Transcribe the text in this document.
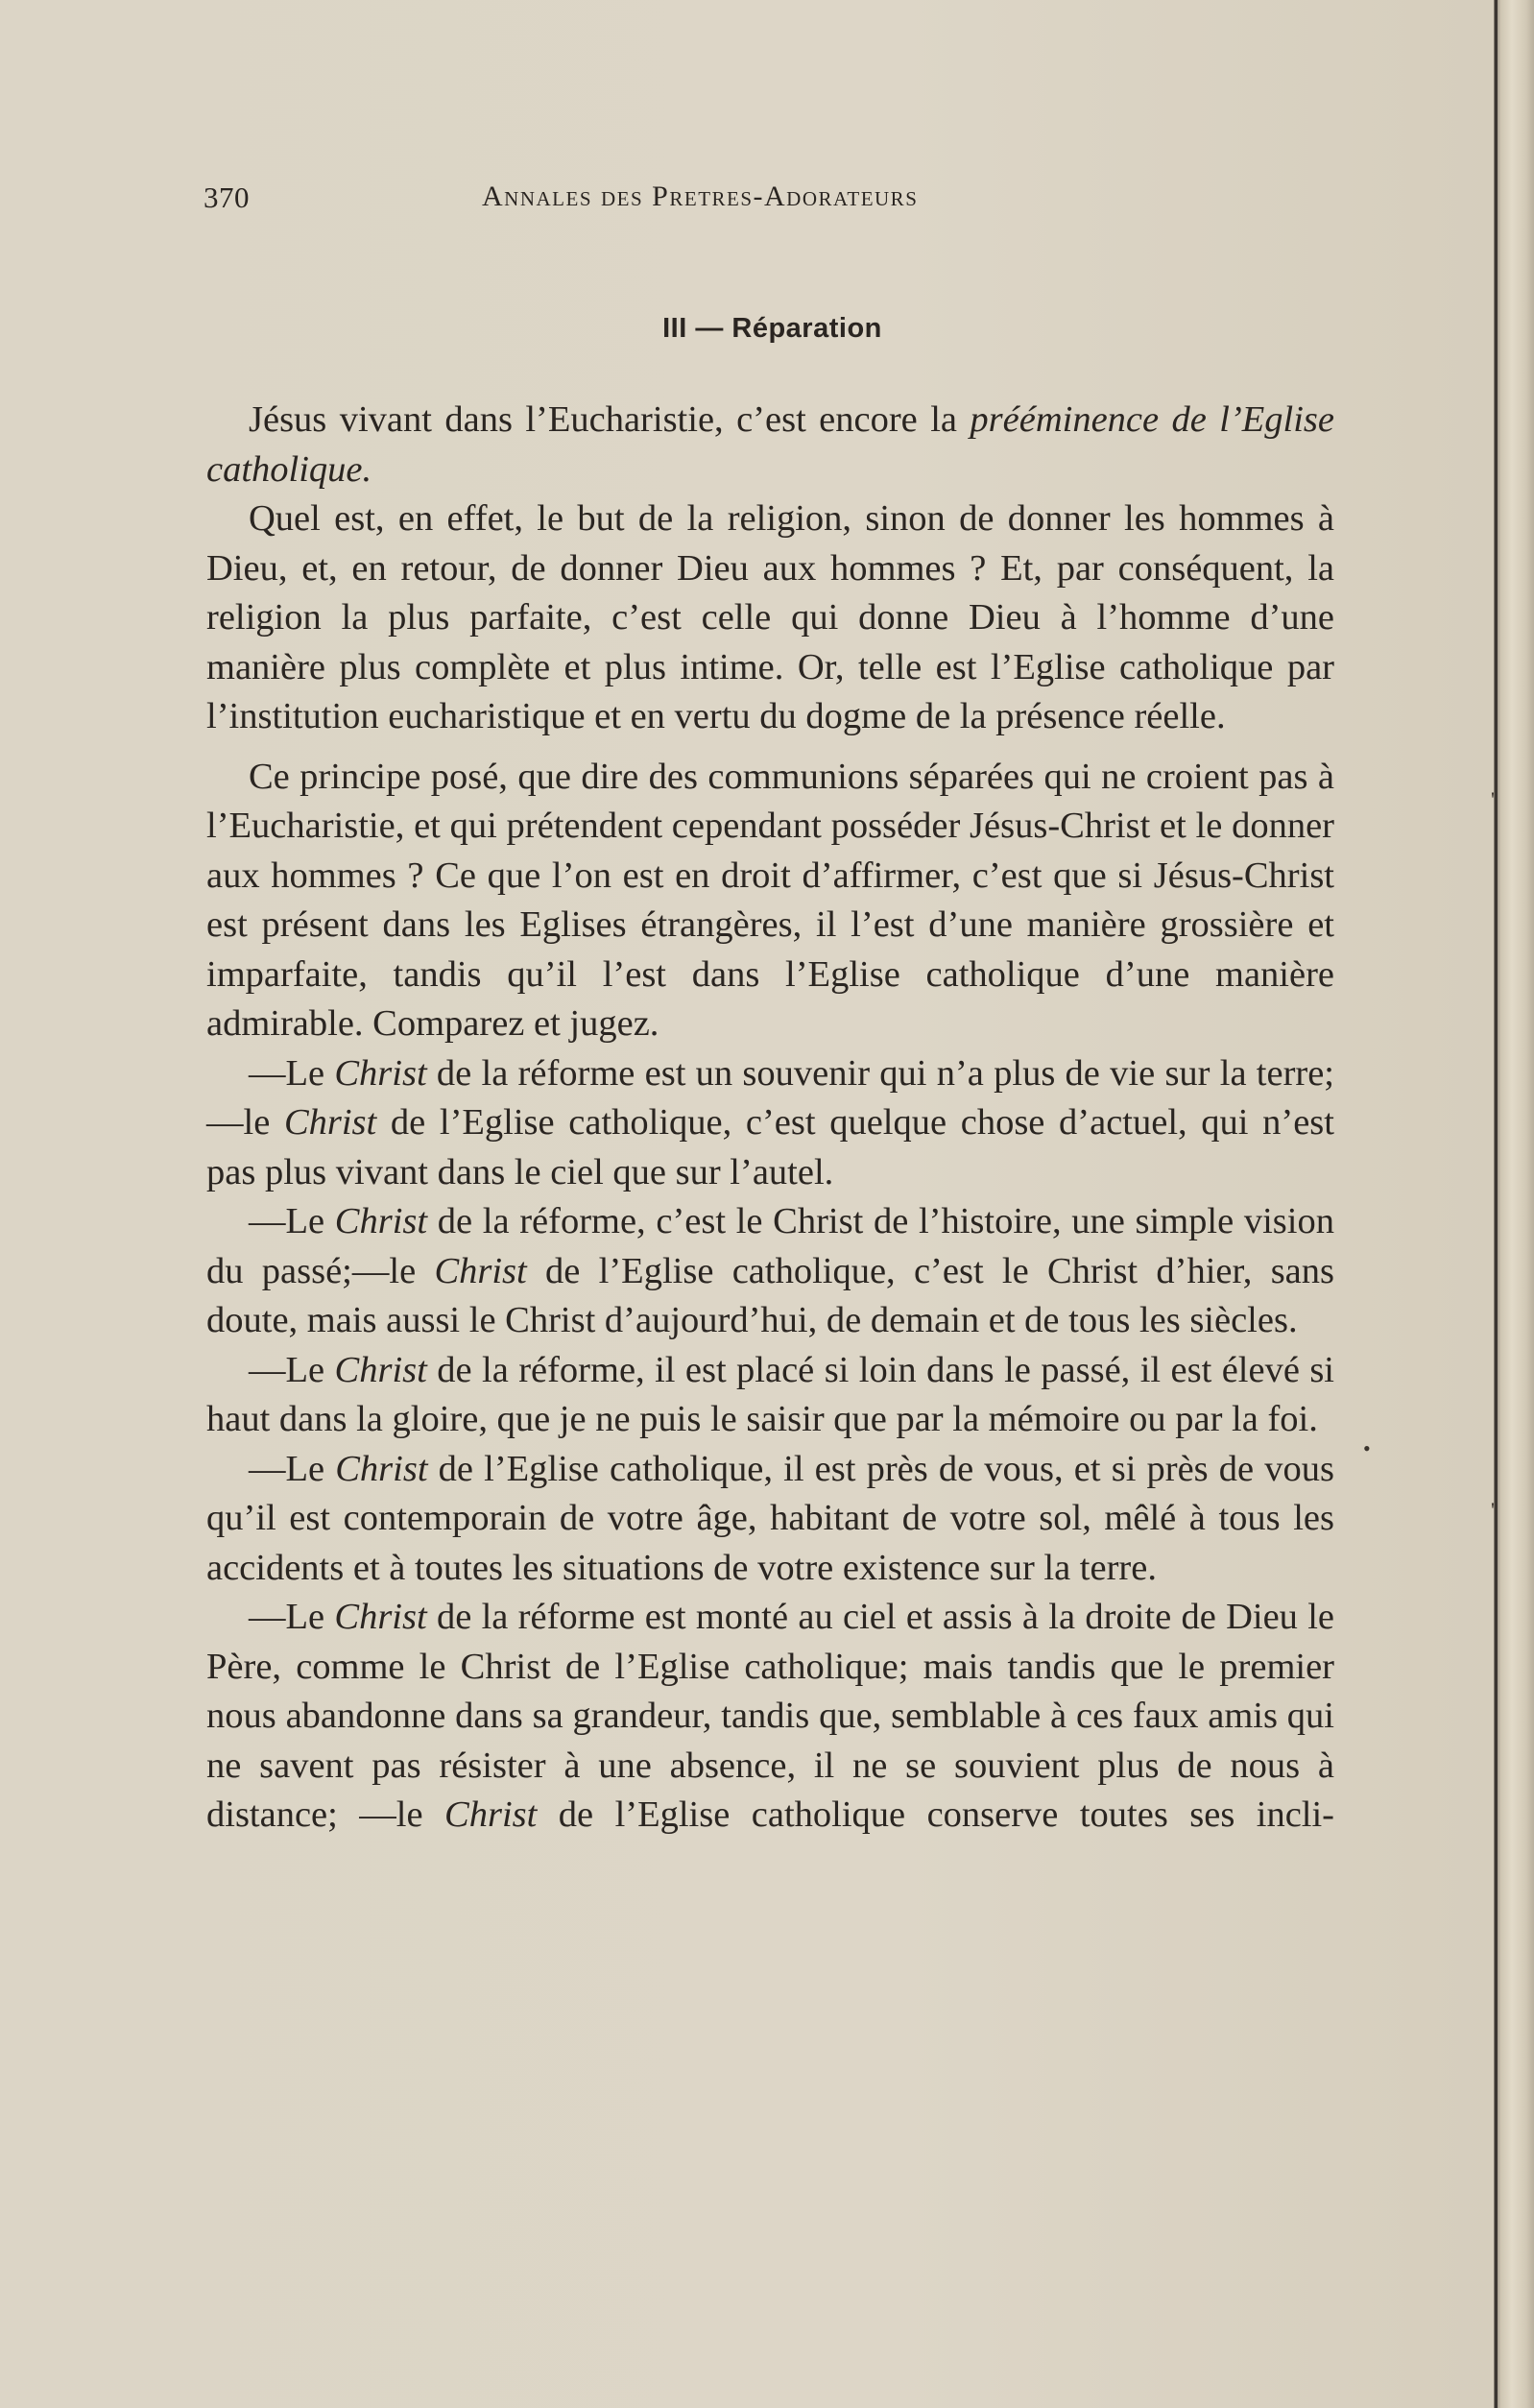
•
'
'
370	Annales des Pretres-Adorateurs
III — Réparation

Jésus vivant dans l’Eucharistie, c’est encore la prééminence de l’Eglise catholique.

Quel est, en effet, le but de la religion, sinon de donner les hommes à Dieu, et, en retour, de donner Dieu aux hommes ? Et, par conséquent, la religion la plus parfaite, c’est celle qui donne Dieu à l’homme d’une manière plus complète et plus intime. Or, telle est l’Eglise catholique par l’institution eucharistique et en vertu du dogme de la présence réelle.

Ce principe posé, que dire des communions séparées qui ne croient pas à l’Eucharistie, et qui prétendent cependant posséder Jésus-Christ et le donner aux hommes ? Ce que l’on est en droit d’affirmer, c’est que si Jésus-Christ est présent dans les Eglises étrangères, il l’est d’une manière grossière et imparfaite, tandis qu’il l’est dans l’Eglise catholique d’une manière admirable. Comparez et jugez.

—Le Christ de la réforme est un souvenir qui n’a plus de vie sur la terre;—le Christ de l’Eglise catholique, c’est quelque chose d’actuel, qui n’est pas plus vivant dans le ciel que sur l’autel.

—Le Christ de la réforme, c’est le Christ de l’histoire, une simple vision du passé;—le Christ de l’Eglise catholique, c’est le Christ d’hier, sans doute, mais aussi le Christ d’aujourd’hui, de demain et de tous les siècles.

—Le Christ de la réforme, il est placé si loin dans le passé, il est élevé si haut dans la gloire, que je ne puis le saisir que par la mémoire ou par la foi.

—Le Christ de l’Eglise catholique, il est près de vous, et si près de vous qu’il est contemporain de votre âge, habitant de votre sol, mêlé à tous les accidents et à toutes les situations de votre existence sur la terre.

—Le Christ de la réforme est monté au ciel et assis à la droite de Dieu le Père, comme le Christ de l’Eglise catholique; mais tandis que le premier nous abandonne dans sa grandeur, tandis que, semblable à ces faux amis qui ne savent pas résister à une absence, il ne se souvient plus de nous à distance; —le Christ de l’Eglise catholique conserve toutes ses incli-
